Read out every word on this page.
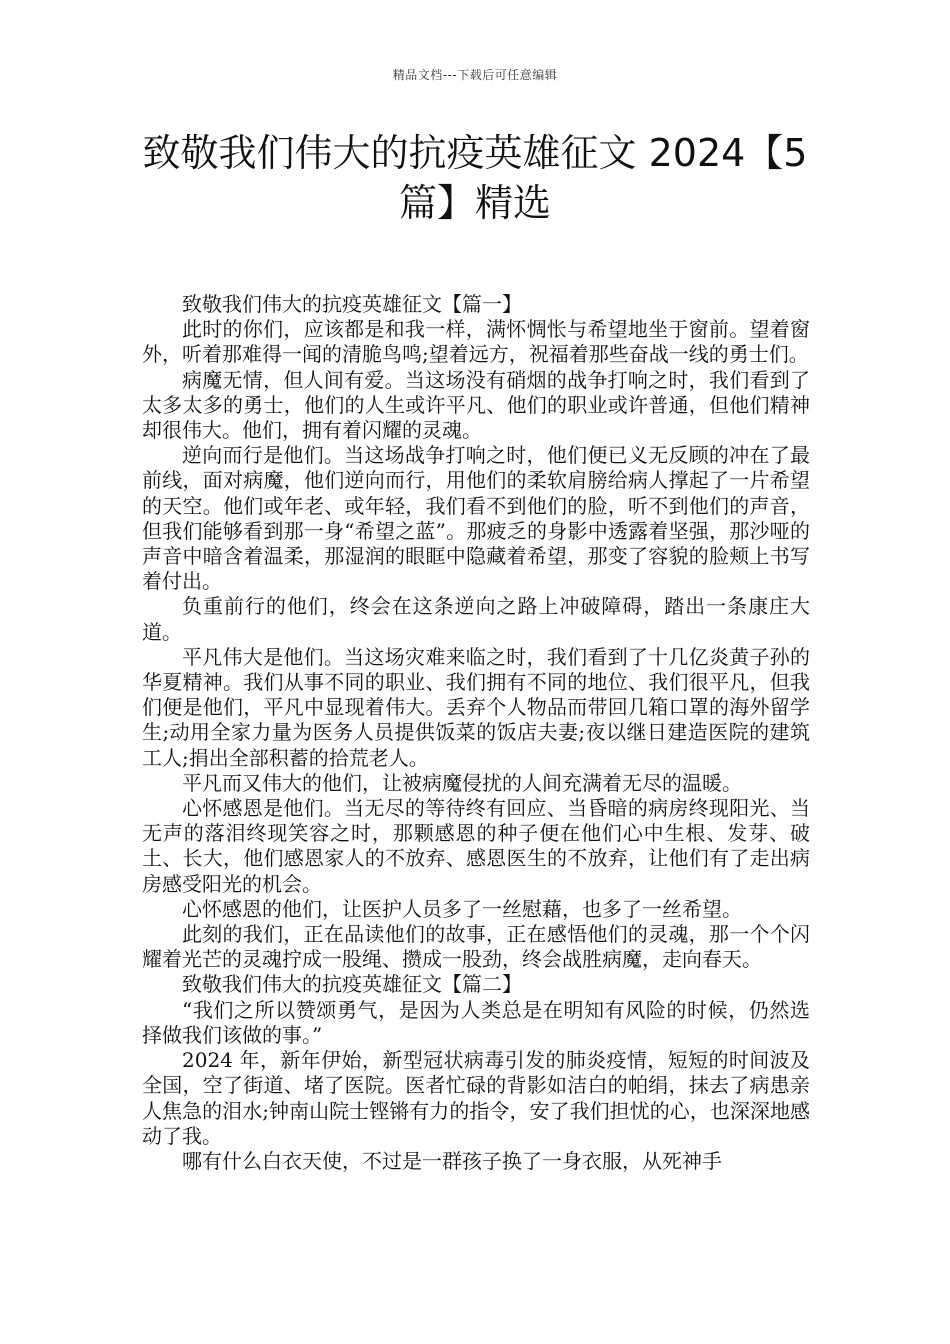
精品文档---下载后可任意编辑
致敬我们伟大的抗疫英雄征文 2024【5 篇】精选

致敬我们伟大的抗疫英雄征文【篇一】

此时的你们，应该都是和我一样，满怀惆怅与希望地坐于窗前。望着窗外，听着那难得一闻的清脆鸟鸣;望着远方，祝福着那些奋战一线的勇士们。

病魔无情，但人间有爱。当这场没有硝烟的战争打响之时，我们看到了太多太多的勇士，他们的人生或许平凡、他们的职业或许普通，但他们精神却很伟大。他们，拥有着闪耀的灵魂。

逆向而行是他们。当这场战争打响之时，他们便已义无反顾的冲在了最前线，面对病魔，他们逆向而行，用他们的柔软肩膀给病人撑起了一片希望的天空。他们或年老、或年轻，我们看不到他们的脸，听不到他们的声音，但我们能够看到那一身“希望之蓝”。那疲乏的身影中透露着坚强，那沙哑的声音中暗含着温柔，那湿润的眼眶中隐藏着希望，那变了容貌的脸颊上书写着付出。

负重前行的他们，终会在这条逆向之路上冲破障碍，踏出一条康庄大道。

平凡伟大是他们。当这场灾难来临之时，我们看到了十几亿炎黄子孙的华夏精神。我们从事不同的职业、我们拥有不同的地位、我们很平凡，但我们便是他们，平凡中显现着伟大。丢弃个人物品而带回几箱口罩的海外留学生;动用全家力量为医务人员提供饭菜的饭店夫妻;夜以继日建造医院的建筑工人;捐出全部积蓄的拾荒老人。

平凡而又伟大的他们，让被病魔侵扰的人间充满着无尽的温暖。

心怀感恩是他们。当无尽的等待终有回应、当昏暗的病房终现阳光、当无声的落泪终现笑容之时，那颗感恩的种子便在他们心中生根、发芽、破土、长大，他们感恩家人的不放弃、感恩医生的不放弃，让他们有了走出病房感受阳光的机会。

心怀感恩的他们，让医护人员多了一丝慰藉，也多了一丝希望。

此刻的我们，正在品读他们的故事，正在感悟他们的灵魂，那一个个闪耀着光芒的灵魂拧成一股绳、攒成一股劲，终会战胜病魔，走向春天。

致敬我们伟大的抗疫英雄征文【篇二】

“我们之所以赞颂勇气，是因为人类总是在明知有风险的时候，仍然选择做我们该做的事。”

2024 年，新年伊始，新型冠状病毒引发的肺炎疫情，短短的时间波及全国，空了街道、堵了医院。医者忙碌的背影如洁白的帕绢，抹去了病患亲人焦急的泪水;钟南山院士铿锵有力的指令，安了我们担忧的心，也深深地感动了我。

哪有什么白衣天使，不过是一群孩子换了一身衣服，从死神手
